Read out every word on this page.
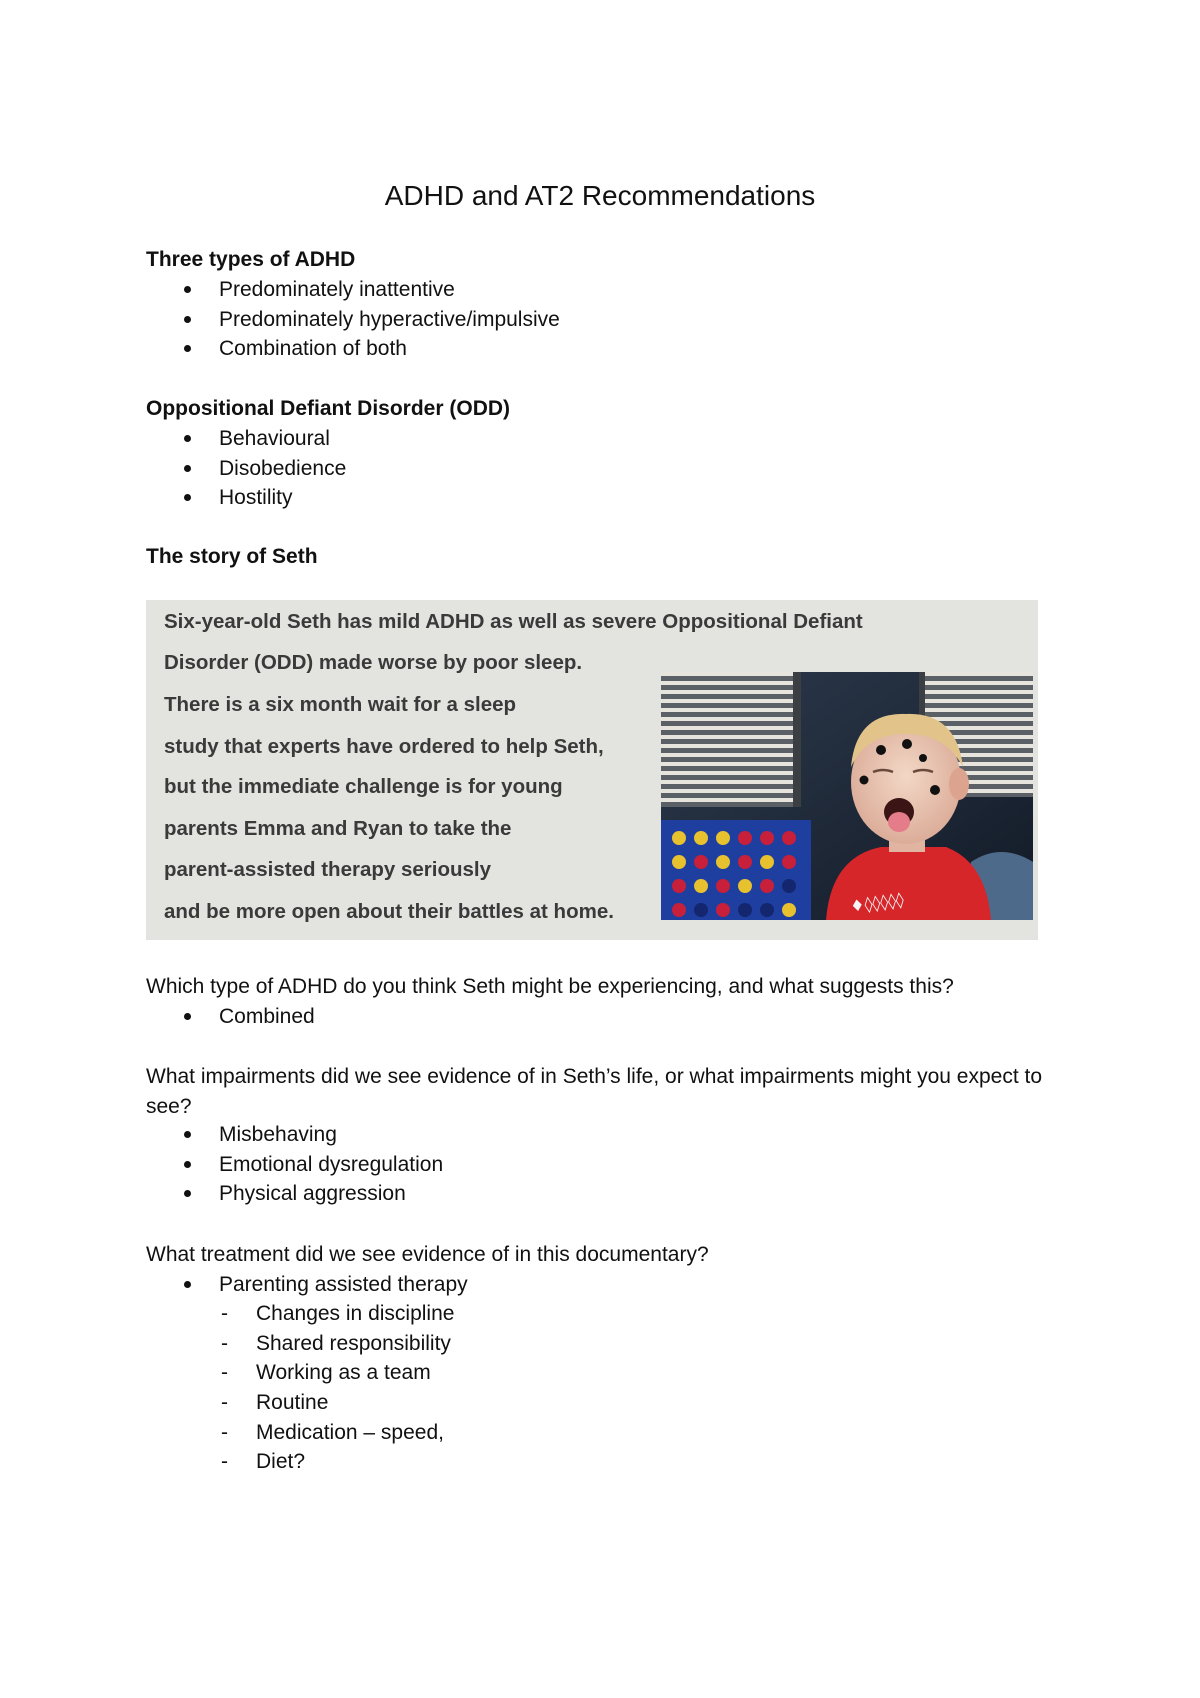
ADHD and AT2 Recommendations
Three types of ADHD
Predominately inattentive
Predominately hyperactive/impulsive
Combination of both
Oppositional Defiant Disorder (ODD)
Behavioural
Disobedience
Hostility
The story of Seth
Six-year-old Seth has mild ADHD as well as severe Oppositional Defiant
Disorder (ODD) made worse by poor sleep.
There is a six month wait for a sleep
study that experts have ordered to help Seth,
but the immediate challenge is for young
parents Emma and Ryan to take the
parent-assisted therapy seriously
and be more open about their battles at home.	♦◊◊◊◊◊
Which type of ADHD do you think Seth might be experiencing, and what suggests this?
Combined
What impairments did we see evidence of in Seth’s life, or what impairments might you expect to see?
Misbehaving
Emotional dysregulation
Physical aggression
What treatment did we see evidence of in this documentary?
Parenting assisted therapy
- Changes in discipline
- Shared responsibility
- Working as a team
- Routine
- Medication – speed,
- Diet?
